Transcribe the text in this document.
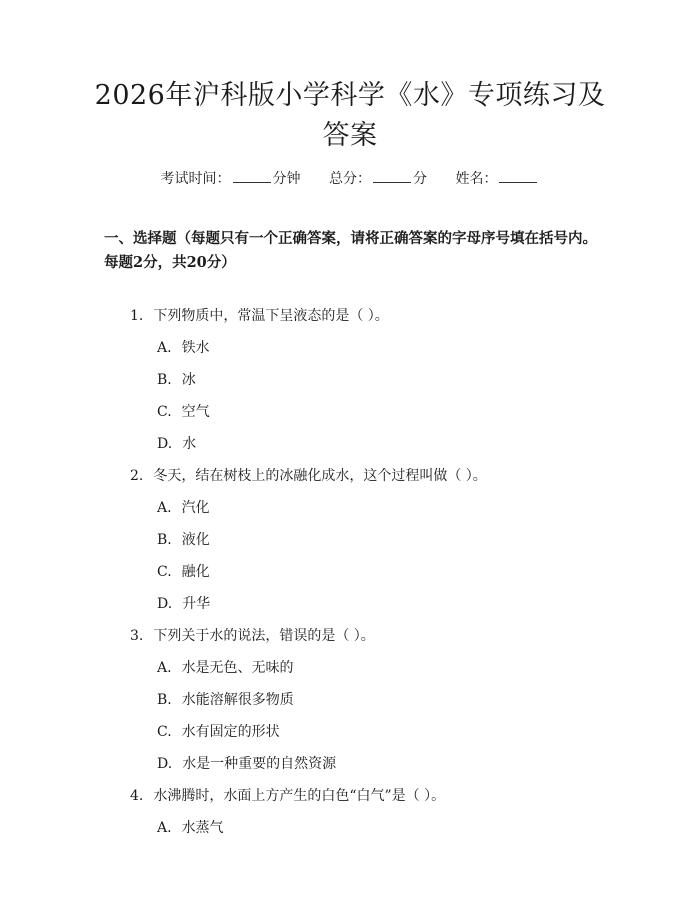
2026年沪科版小学科学《水》专项练习及答案
考试时间：	分钟 总分：	分 姓名：
一、选择题（每题只有一个正确答案，请将正确答案的字母序号填在括号内。每题2分，共20分）
1. 下列物质中，常温下呈液态的是（ ）。
A. 铁水
B. 冰
C. 空气
D. 水
2. 冬天，结在树枝上的冰融化成水，这个过程叫做（ ）。
A. 汽化
B. 液化
C. 融化
D. 升华
3. 下列关于水的说法，错误的是（ ）。
A. 水是无色、无味的
B. 水能溶解很多物质
C. 水有固定的形状
D. 水是一种重要的自然资源
4. 水沸腾时，水面上方产生的白色“白气”是（ ）。
A. 水蒸气
